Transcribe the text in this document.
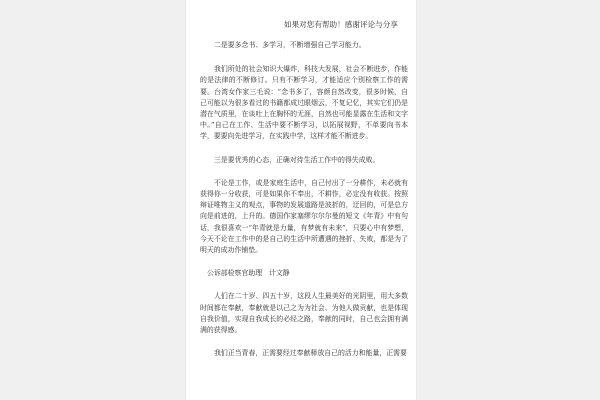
如果对您有帮助！感谢评论与分享

二是要多念书、多学习，不断增强自己学习能力。

我们所处的社会知识大爆炸，科技大发展，社会不断进步，作能的是法律的不断修订。只有不断学习，才能适应个别检察工作的需要。台湾女作家三毛说：“念书多了，容颜自然改变，很多时候，自己可能以为很多看过的书籍都成过眼烟云，不复记忆，其实它们仍是潜在气质里，在谈吐上在胸怀的无涯，自然也可能显露在生活和文字中。”自己在工作、生活中要不断学习，以拓展视野，不单要向书本学，要要向先进学习，在实践中学，这样才能不断进步。

三是要优秀的心态，正确对待生活工作中的得失成败。

不论是工作，或是家庭生活中，自己付出了一分耕作，未必就有获得你一分收获，可是如果你不奉出，不耕作，必定没有收获。按照辩证唯物主义的观点，事物的发展道路是波折的，迂回的，可是总方向是前进的，上升的。德国作家塞缪尔尔尔曼的短文《年青》中有句话，我很喜欢一“年青就是力量，有梦就有未来”，只要心中有梦想，今天不论在工作中的是自己的生活中所遭遇的挫折、失败，都是为了明天的成功作铺垫。

公诉部检察官助理　计文静

人们在二十岁、四五十岁，这段人生最美好的光阴里，用大多数时间都在奉献，奉献就是以己之为为社会、为他人做贡献，也是体现自我价值，实现自我成长的必经之路，奉献的同时，自己也会拥有满满的获得感。

我们正当青春，正需要经过奉献释放自己的活力和能量，正需要
